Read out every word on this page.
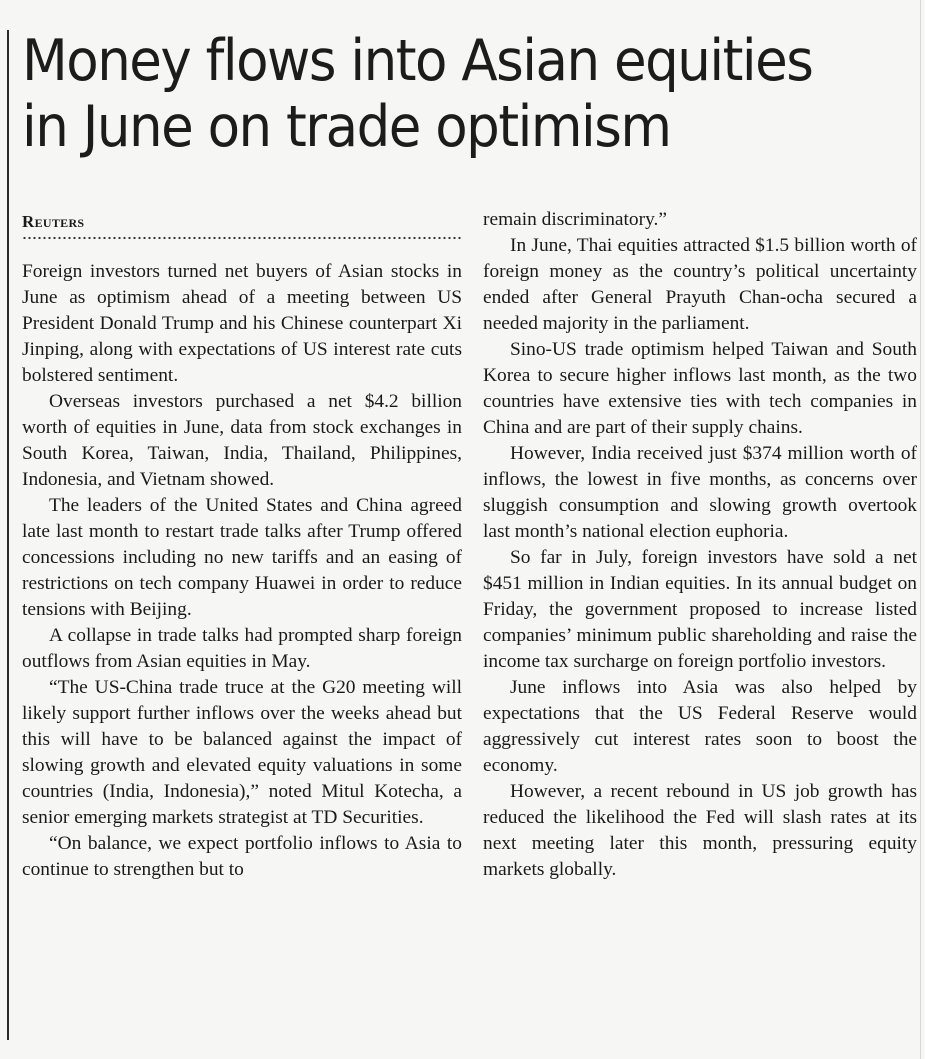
Money flows into Asian equities
in June on trade optimism
Reuters

Foreign investors turned net buyers of Asian stocks in June as optimism ahead of a meeting between US President Donald Trump and his Chinese counterpart Xi Jinping, along with expectations of US interest rate cuts bolstered sentiment.

Overseas investors purchased a net $4.2 billion worth of equities in June, data from stock exchanges in South Korea, Taiwan, India, Thailand, Philippines, Indonesia, and Vietnam showed.

The leaders of the United States and China agreed late last month to restart trade talks after Trump offered concessions including no new tariffs and an easing of restrictions on tech company Huawei in order to reduce tensions with Beijing.

A collapse in trade talks had prompted sharp foreign outflows from Asian equities in May.

“The US-China trade truce at the G20 meeting will likely support further inflows over the weeks ahead but this will have to be balanced against the impact of slowing growth and elevated equity valuations in some countries (India, Indonesia),” noted Mitul Kotecha, a senior emerging markets strategist at TD Securities.

“On balance, we expect portfolio inflows to Asia to continue to strengthen but to

remain discriminatory.”

In June, Thai equities attracted $1.5 billion worth of foreign money as the country’s political uncertainty ended after General Prayuth Chan-ocha secured a needed majority in the parliament.

Sino-US trade optimism helped Taiwan and South Korea to secure higher inflows last month, as the two countries have extensive ties with tech companies in China and are part of their supply chains.

However, India received just $374 million worth of inflows, the lowest in five months, as concerns over sluggish consumption and slowing growth overtook last month’s national election euphoria.

So far in July, foreign investors have sold a net $451 million in Indian equities. In its annual budget on Friday, the government proposed to increase listed companies’ minimum public shareholding and raise the income tax surcharge on foreign portfolio investors.

June inflows into Asia was also helped by expectations that the US Federal Reserve would aggressively cut interest rates soon to boost the economy.

However, a recent rebound in US job growth has reduced the likelihood the Fed will slash rates at its next meeting later this month, pressuring equity markets globally.
